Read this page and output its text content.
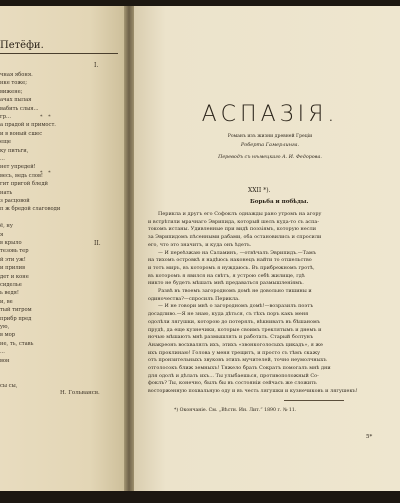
Петёфи.
I.
II.
чная ябоня.
нке тоже;
вижене;
ачах пылая
вабить слыя...
гр...
а прадой и примост.
и в воный сшес
еще
ку питьги,
...
нет упредей!
весь, ведь слов!
гит пригой бледй
нать
з расцовой
п ж бредой слаговоди
ё, ну
я
в крыло
тезовь тер
й эти уж!
и прилив
дет и коне
сиделье
ь ведя!
и, ве
тый тигром
прибр пред
ую,
в мор
не, ть, ставь
...
вон
сы сы,
* *
* *
Н. Гольвансв.
АСПАЗІЯ.
Романъ изъ жизни древней Греціи
Роберта Гамерлинга.
Переводъ съ нѣмецкаго А. И. Федорова.
XXII *).
Борьба и побѣды.
Перикла и другъ его Софоклъ однажды рано утромъ на агору
и встрѣтили мрачнаго Эврипида, который шелъ куда-то съ аспа-
токомъ истаны. Удивленные при видѣ поэзіямъ, которую несли
за Эврипидомъ пѣсенными рабами, оба остановились и спросили
его, что это значитъ, и куда онъ ѣдетъ.
— И переѣзжаю на Саламинъ, —отвѣчалъ Эврипидъ.—Тамъ
на тихомъ островкѣ я надѣюсь наконецъ найти то отшельство
и тотъ миръ, въ которомъ я нуждаюсь. Въ прибрежномъ гротѣ,
въ которомъ я явился на свѣтъ, я устрою себѣ жилище, гдѣ
никто не будетъ мѣшать мнѣ предаваться размышленіямъ.
Развѣ въ твоемъ загородномъ домѣ не довольно тишины и
одиночества?—спросилъ Перикла.
— И не говори мнѣ о загородномъ домѣ!—возразилъ поэтъ
досадливо.—Я не знаю, куда дѣться, съ тѣхъ поръ какъ меня
одолѣли лягушки, которою до потерялъ, вѣкниватъ въ бѣшаномъ
прудѣ, да еще кузнечики, которые своимъ треклятымъ и днемъ и
ночью мѣшаютъ мнѣ размышлять и работать. Старый болтунъ
Анакреонъ восхвалялъ ихъ, этихъ «звонкоголосыхъ цикадъ», я же
ихъ проклинаю! Голова у меня трещитъ, и просто съ тѣмъ скажу
отъ пронзительныхъ звуковъ этихъ мучителей, точно неумолчныхъ
отголосокъ ближ земныхъ! Тяжело брать Сократъ помогалъ мнѣ дни
для одолѣ и дѣлать ихъ... Ты улыбаешься, противоположный Со-
фоклъ? Ты, конечно, былъ бы въ состояніи сейчасъ же сложить
восторженную похвальную оду и въ честь лягушки и кузнечиковъ и лягушекъ!
*) Окончаніе. См. „Вѣстн. Ин. Лит.“ 1890 г. № 11.
5*
